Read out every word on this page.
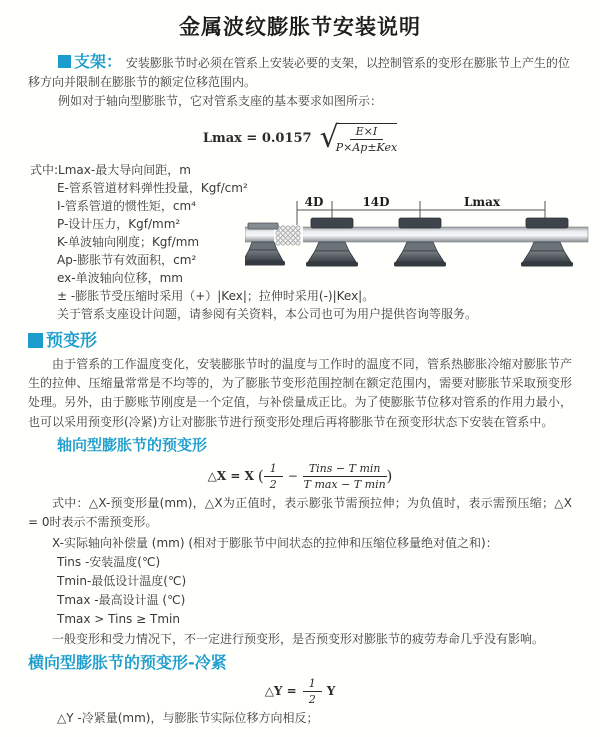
金属波纹膨胀节安装说明
支架： 安装膨胀节时必须在管系上安装必要的支架，以控制管系的变形在膨胀节上产生的位移方向并限制在膨胀节的额定位移范围内。
例如对于轴向型膨胀节，它对管系支座的基本要求如图所示：
Lmax = 0.0157 √
$\frac{E\times I}{\text{P×Ap±Kex}}$
式中:Lmax-最大导向间距，m
E-管系管道材料弹性投量，Kgf/cm²
I-管系管道的惯性矩，cm⁴
P-设计压力，Kgf/mm²
K-单波轴向刚度；Kgf/mm
Ap-膨胀节有效面积，cm²
ex-单波轴向位移，mm
± -膨胀节受压缩时采用（+）|Kex|；拉伸时采用(-)|Kex|。
关于管系支座设计问题，请参阅有关资料，本公司也可为用户提供咨询等服务。
4D	14D	Lmax
预变形
由于管系的工作温度变化，安装膨胀节时的温度与工作时的温度不同，管系热膨胀冷缩对膨胀节产生的拉伸、压缩量常常是不均等的，为了膨胀节变形范围控制在额定范围内，需要对膨胀节采取预变形处理。另外，由于膨账节刚度是一个定值，与补偿量成正比。为了使膨胀节位移对管系的作用力最小，也可以采用预变形(冷紧)方让对膨胀节进行预变形处理后再将膨胀节在预变形状态下安装在管系中。
轴向型膨胀节的预变形
△X = X ( $\frac{1}{2} - \frac{\text{Tins − T min}}{\text{T max − T min}}$ )
式中：△X-预变形量(mm)，△X为正值时，表示膨张节需预拉伸；为负值时，表示需预压缩；△X = 0时表示不需预变形。
X-实际轴向补偿量 (mm) (相对于膨胀节中间状态的拉伸和压缩位移量绝对值之和)：
Tins -安装温度(℃)
Tmin-最低设计温度(℃)
Tmax -最高设计温 (℃)
Tmax > Tins ≥ Tmin
一般变形和受力情况下，不一定进行预变形，是否预变形对膨胀节的疲劳寿命几乎没有影响。
横向型膨胀节的预变形-冷紧
△Y = $\frac{1}{2}$ Y
△Y -冷紧量(mm)，与膨胀节实际位移方向相反；
